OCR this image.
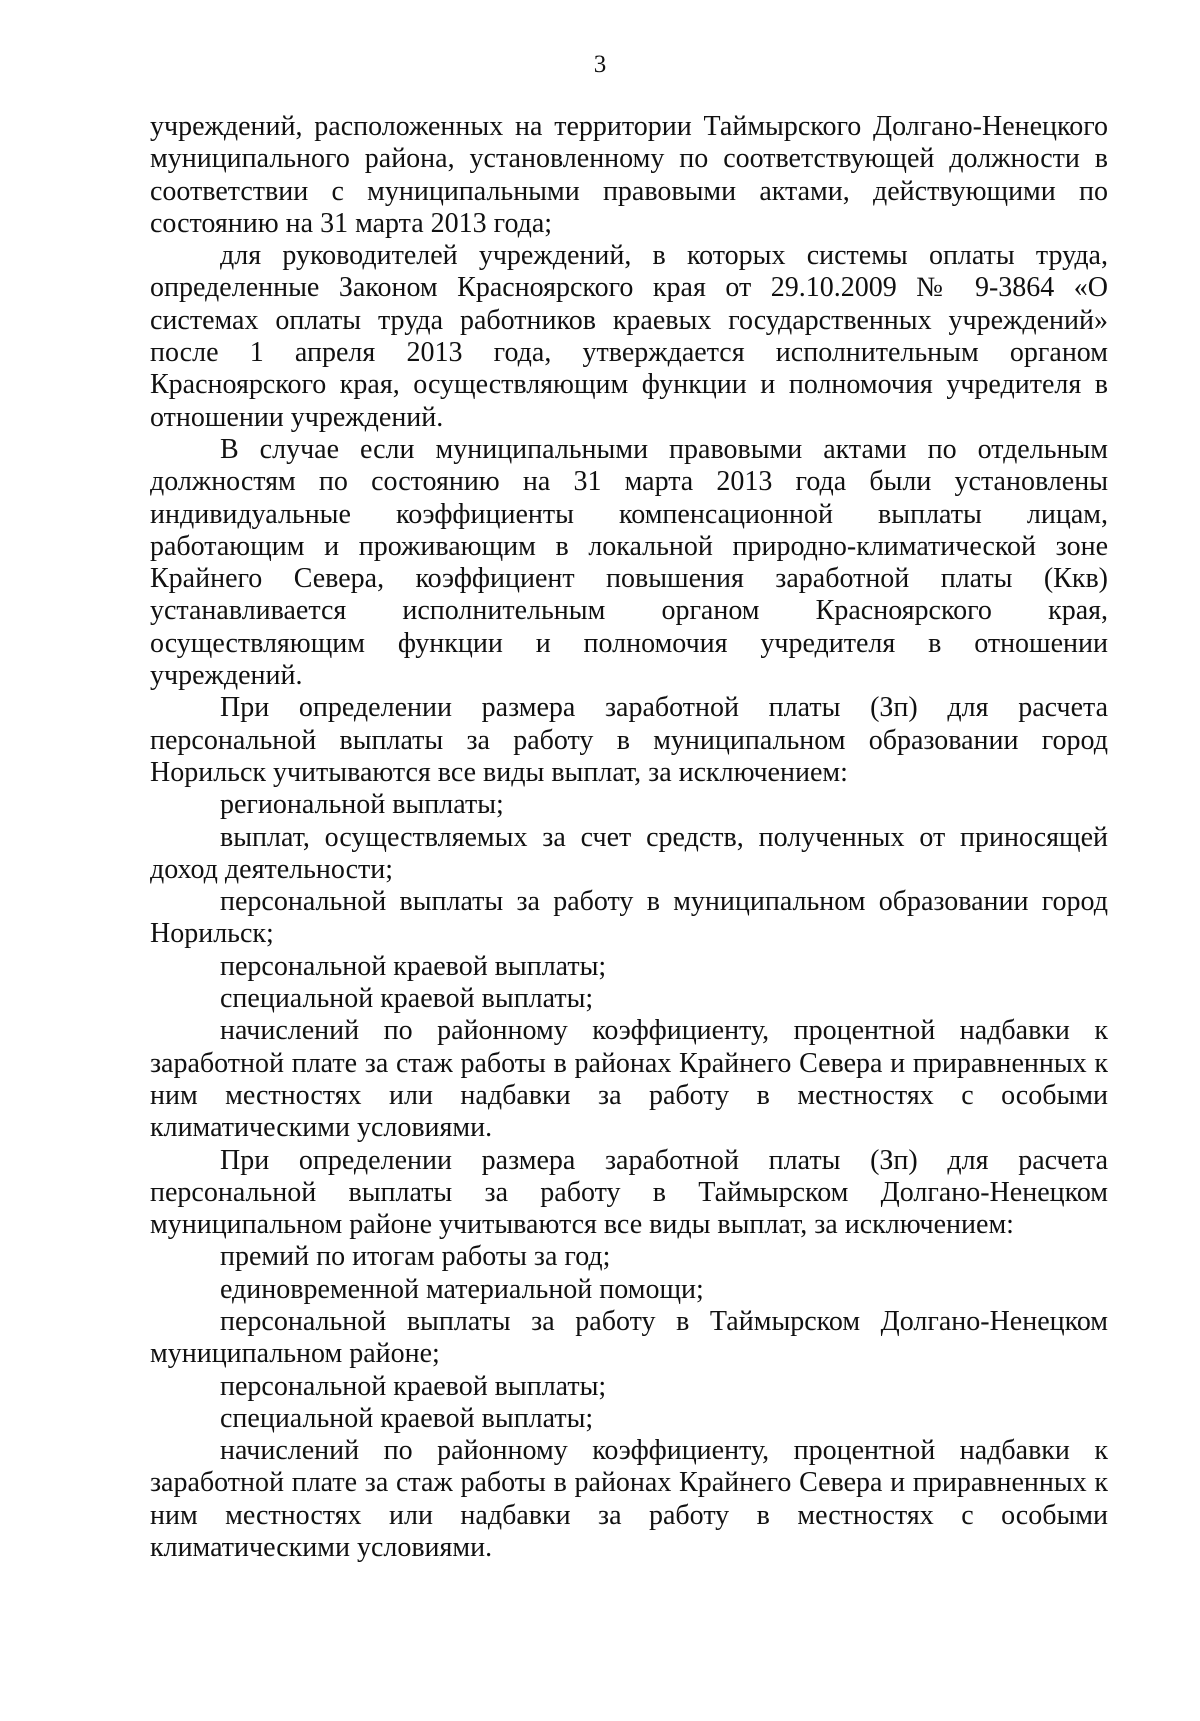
3

учреждений, расположенных на территории Таймырского Долгано-Ненецкого муниципального района, установленному по соответствующей должности в соответствии с муниципальными правовыми актами, действующими по состоянию на 31 марта 2013 года;

для руководителей учреждений, в которых системы оплаты труда, определенные Законом Красноярского края от 29.10.2009 № 9-3864 «О системах оплаты труда работников краевых государственных учреждений» после 1 апреля 2013 года, утверждается исполнительным органом Красноярского края, осуществляющим функции и полномочия учредителя в отношении учреждений.

В случае если муниципальными правовыми актами по отдельным должностям по состоянию на 31 марта 2013 года были установлены индивидуальные коэффициенты компенсационной выплаты лицам, работающим и проживающим в локальной природно-климатической зоне Крайнего Севера, коэффициент повышения заработной платы (Ккв) устанавливается исполнительным органом Красноярского края, осуществляющим функции и полномочия учредителя в отношении учреждений.

При определении размера заработной платы (Зп) для расчета персональной выплаты за работу в муниципальном образовании город Норильск учитываются все виды выплат, за исключением:

региональной выплаты;

выплат, осуществляемых за счет средств, полученных от приносящей доход деятельности;

персональной выплаты за работу в муниципальном образовании город Норильск;

персональной краевой выплаты;

специальной краевой выплаты;

начислений по районному коэффициенту, процентной надбавки к заработной плате за стаж работы в районах Крайнего Севера и приравненных к ним местностях или надбавки за работу в местностях с особыми климатическими условиями.

При определении размера заработной платы (Зп) для расчета персональной выплаты за работу в Таймырском Долгано-Ненецком муниципальном районе учитываются все виды выплат, за исключением:

премий по итогам работы за год;

единовременной материальной помощи;

персональной выплаты за работу в Таймырском Долгано-Ненецком муниципальном районе;

персональной краевой выплаты;

специальной краевой выплаты;

начислений по районному коэффициенту, процентной надбавки к заработной плате за стаж работы в районах Крайнего Севера и приравненных к ним местностях или надбавки за работу в местностях с особыми климатическими условиями.
